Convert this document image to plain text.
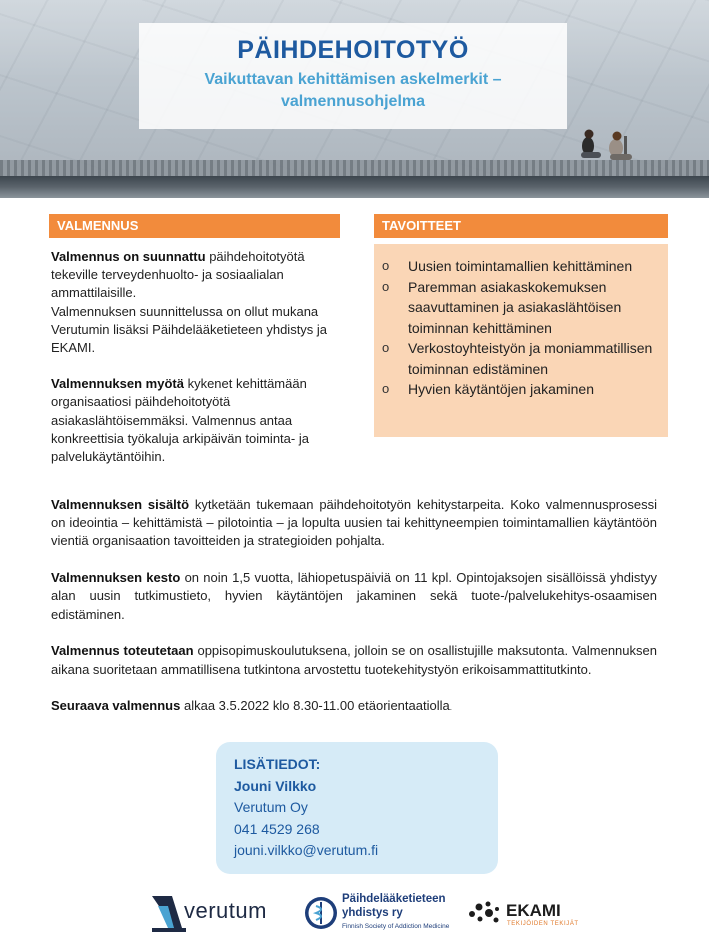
PÄIHDEHOITOTYÖ
Vaikuttavan kehittämisen askelmerkit –
valmennusohjelma
VALMENNUS	TAVOITTEET

Valmennus on suunnattu päihdehoitotyötä tekeville terveydenhuolto- ja sosiaalialan ammattilaisille.

Valmennuksen suunnittelussa on ollut mukana Verutumin lisäksi Päihdelääketieteen yhdistys ja EKAMI.

Valmennuksen myötä kykenet kehittämään organisaatiosi päihdehoitotyötä asiakaslähtöisemmäksi. Valmennus antaa konkreettisia työkaluja arkipäivän toiminta- ja palvelukäytäntöihin.

o Uusien toimintamallien kehittäminen
o Paremman asiakaskokemuksen saavuttaminen ja asiakaslähtöisen toiminnan kehittäminen
o Verkostoyhteistyön ja moniammatillisen toiminnan edistäminen
o Hyvien käytäntöjen jakaminen

Valmennuksen sisältö kytketään tukemaan päihdehoitotyön kehitystarpeita. Koko valmennusprosessi on ideointia – kehittämistä – pilotointia – ja lopulta uusien tai kehittyneempien toimintamallien käytäntöön vientiä organisaation tavoitteiden ja strategioiden pohjalta.

Valmennuksen kesto on noin 1,5 vuotta, lähiopetuspäiviä on 11 kpl. Opintojaksojen sisällöissä yhdistyy alan uusin tutkimustieto, hyvien käytäntöjen jakaminen sekä tuote-/palvelukehitys-osaamisen edistäminen.

Valmennus toteutetaan oppisopimuskoulutuksena, jolloin se on osallistujille maksutonta. Valmennuksen aikana suoritetaan ammatillisena tutkintona arvostettu tuotekehitystyön erikoisammattitutkinto.

Seuraava valmennus alkaa 3.5.2022 klo 8.30-11.00 etäorientaatiolla.

LISÄTIEDOT:
Jouni Vilkko
Verutum Oy
041 4529 268
jouni.vilkko@verutum.fi
verutum	Päihdelääketieteen
yhdistys ry
Finnish Society of Addiction Medicine
EKAMI
TEKIJÖIDEN TEKIJÄT
